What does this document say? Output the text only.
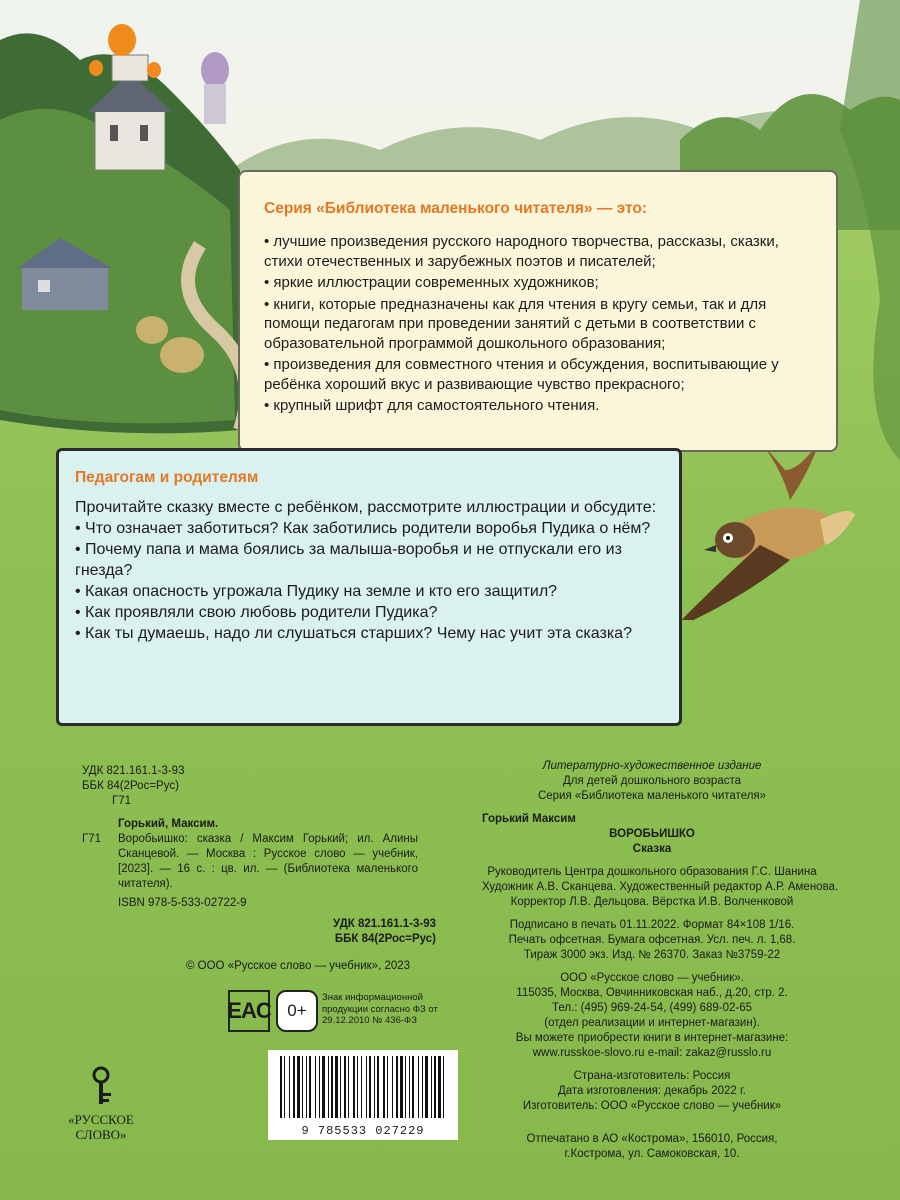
Серия «Библиотека маленького читателя» — это:
• лучшие произведения русского народного творчества, рассказы, сказки, стихи отечественных и зарубежных поэтов и писателей;
• яркие иллюстрации современных художников;
• книги, которые предназначены как для чтения в кругу семьи, так и для помощи педагогам при проведении занятий с детьми в соответствии с образовательной программой дошкольного образования;
• произведения для совместного чтения и обсуждения, воспитывающие у ребёнка хороший вкус и развивающие чувство прекрасного;
• крупный шрифт для самостоятельного чтения.
Педагогам и родителям

Прочитайте сказку вместе с ребёнком, рассмотрите иллюстрации и обсудите:

• Что означает заботиться? Как заботились родители воробья Пудика о нём?
• Почему папа и мама боялись за малыша-воробья и не отпускали его из гнезда?
• Какая опасность угрожала Пудику на земле и кто его защитил?
• Как проявляли свою любовь родители Пудика?
• Как ты думаешь, надо ли слушаться старших? Чему нас учит эта сказка?
УДК 821.161.1-3-93
ББК 84(2Рос=Рус)
Г71
Горький, Максим.
Г71	Воробьишко: сказка / Максим Горький; ил. Алины Сканцевой. — Москва : Русское слово — учебник, [2023]. — 16 с. : цв. ил. — (Библиотека маленького читателя).
ISBN 978-5-533-02722-9
УДК 821.161.1-3-93
ББК 84(2Рос=Рус)
© ООО «Русское слово — учебник», 2023
Литературно-художественное издание
Для детей дошкольного возраста
Серия «Библиотека маленького читателя»
Горький Максим
ВОРОБЬИШКО
Сказка
Руководитель Центра дошкольного образования Г.С. Шанина
Художник А.В. Сканцева. Художественный редактор А.Р. Аменова.
Корректор Л.В. Дельцова. Вёрстка И.В. Волченковой
Подписано в печать 01.11.2022. Формат 84×108 1/16.
Печать офсетная. Бумага офсетная. Усл. печ. л. 1,68.
Тираж 3000 экз. Изд. № 26370. Заказ №3759-22
ООО «Русское слово — учебник».
115035, Москва, Овчинниковская наб., д.20, стр. 2.
Тел.: (495) 969-24-54, (499) 689-02-65
(отдел реализации и интернет-магазин).
Вы можете приобрести книги в интернет-магазине:
www.russkoe-slovo.ru e-mail: zakaz@russlo.ru
Страна-изготовитель: Россия
Дата изготовления: декабрь 2022 г.
Изготовитель: ООО «Русское слово — учебник»
Отпечатано в АО «Кострома», 156010, Россия,
г.Кострома, ул. Самоковская, 10.
EAC 0+
Знак информационной продукции согласно ФЗ от 29.12.2010 № 436-ФЗ
«РУССКОЕ
СЛОВО»	9 785533 027229
